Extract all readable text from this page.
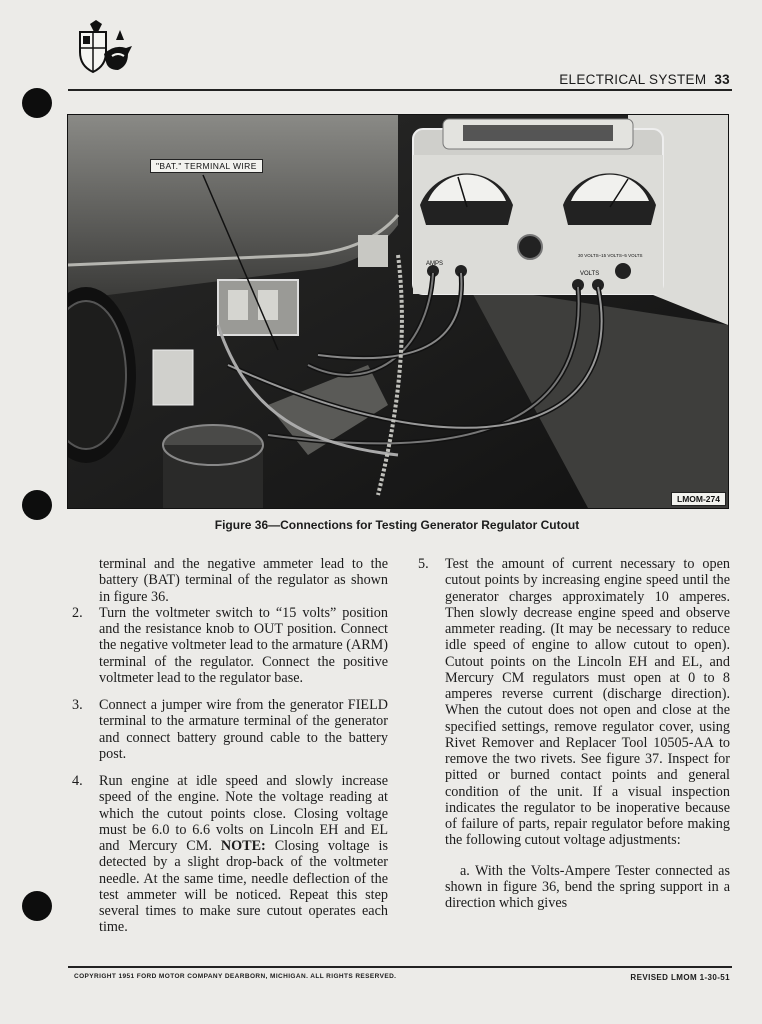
ELECTRICAL SYSTEM 33
AMPS
VOLTS
30 VOLTS–15 VOLTS–5 VOLTS
"BAT." TERMINAL WIRE
LMOM-274
Figure 36—Connections for Testing Generator Regulator Cutout

terminal and the negative ammeter lead to the battery (BAT) terminal of the regulator as shown in figure 36.

2.	Turn the voltmeter switch to “15 volts” position and the resistance knob to OUT position. Connect the negative voltmeter lead to the armature (ARM) terminal of the regulator. Connect the positive voltmeter lead to the regulator base.
3.	Connect a jumper wire from the generator FIELD terminal to the armature terminal of the generator and connect battery ground cable to the battery post.
4.	Run engine at idle speed and slowly increase speed of the engine. Note the voltage reading at which the cutout points close. Closing voltage must be 6.0 to 6.6 volts on Lincoln EH and EL and Mercury CM. NOTE: Closing voltage is detected by a slight drop-back of the voltmeter needle. At the same time, needle deflection of the test ammeter will be noticed. Repeat this step several times to make sure cutout operates each time.
5.	Test the amount of current necessary to open cutout points by increasing engine speed until the generator charges approximately 10 amperes. Then slowly decrease engine speed and observe ammeter reading. (It may be necessary to reduce idle speed of engine to allow cutout to open). Cutout points on the Lincoln EH and EL, and Mercury CM regulators must open at 0 to 8 amperes reverse current (discharge direction). When the cutout does not open and close at the specified settings, remove regulator cover, using Rivet Remover and Replacer Tool 10505-AA to remove the two rivets. See figure 37. Inspect for pitted or burned contact points and general condition of the unit. If a visual inspection indicates the regulator to be inoperative because of failure of parts, repair regulator before making the following cutout voltage adjustments:

a. With the Volts-Ampere Tester connected as shown in figure 36, bend the spring support in a direction which gives

COPYRIGHT 1951 FORD MOTOR COMPANY DEARBORN, MICHIGAN. ALL RIGHTS RESERVED.	REVISED LMOM 1-30-51
